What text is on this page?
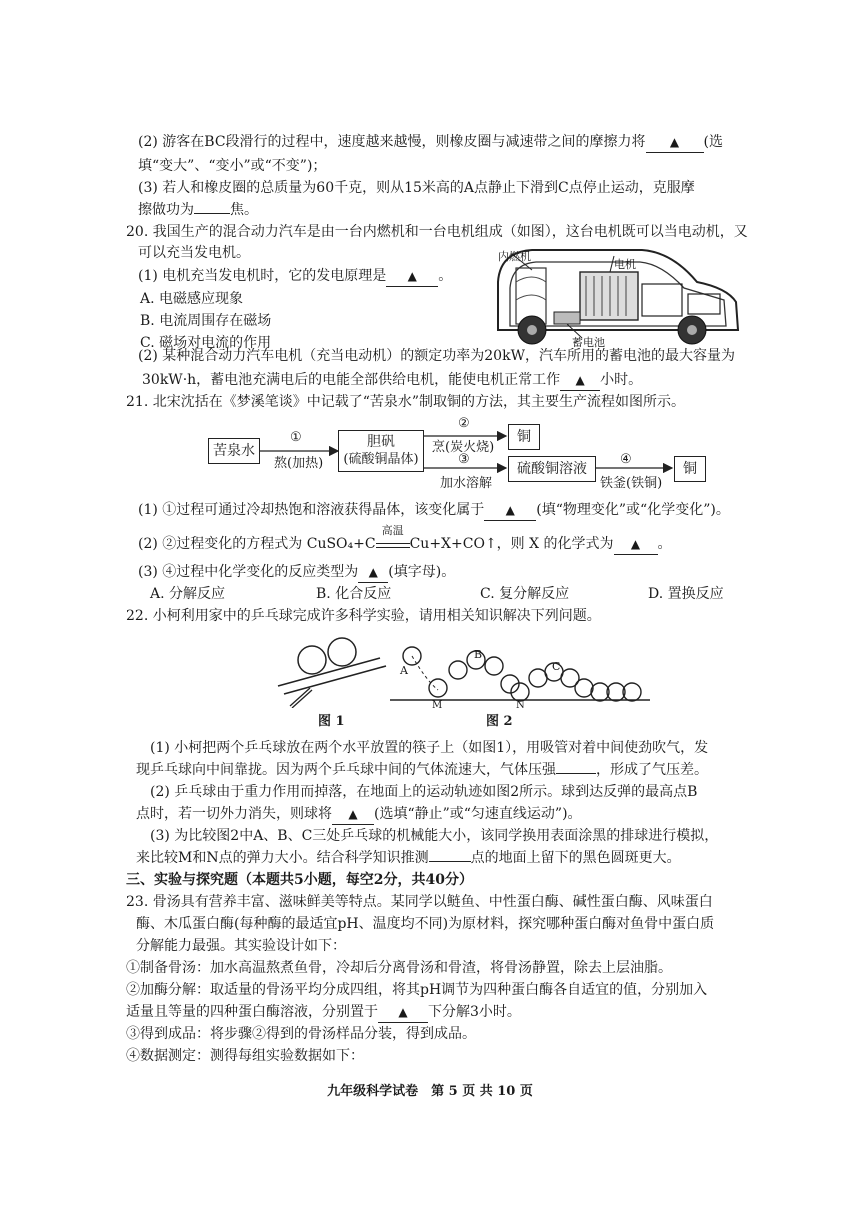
(2) 游客在BC段滑行的过程中，速度越来越慢，则橡皮圈与减速带之间的摩擦力将 ▲ (选
填“变大”、“变小”或“不变”)；
(3) 若人和橡皮圈的总质量为60千克，则从15米高的A点静止下滑到C点停止运动，克服摩
擦做功为	焦。
20. 我国生产的混合动力汽车是由一台内燃机和一台电机组成（如图），这台电机既可以当电动机，又
可以充当发电机。
(1) 电机充当发电机时，它的发电原理是 ▲ 。
A. 电磁感应现象
B. 电流周围存在磁场
C. 磁场对电流的作用
内燃机
电机
蓄电池
(2) 某种混合动力汽车电机（充当电动机）的额定功率为20kW，汽车所用的蓄电池的最大容量为
30kW·h，蓄电池充满电后的电能全部供给电机，能使电机正常工作 ▲ 小时。
21. 北宋沈括在《梦溪笔谈》中记载了“苦泉水”制取铜的方法，其主要生产流程如图所示。
苦泉水
①
熬(加热)
胆矾
(硫酸铜晶体)
②
烹(炭火烧)
铜
③
加水溶解
硫酸铜溶液
④
铁釜(铁铜)
铜
(1) ①过程可通过冷却热饱和溶液获得晶体，该变化属于 ▲ (填“物理变化”或“化学变化”)。
(2) ②过程变化的方程式为 CuSO₄+C
高温
Cu+X+CO↑，则 X 的化学式为 ▲ 。
(3) ④过程中化学变化的反应类型为 ▲ (填字母)。
A. 分解反应	B. 化合反应	C. 复分解反应	D. 置换反应
22. 小柯利用家中的乒乓球完成许多科学实验，请用相关知识解决下列问题。
A
B
C
M	N
图 1	图 2
(1) 小柯把两个乒乓球放在两个水平放置的筷子上（如图1），用吸管对着中间使劲吹气，发
现乒乓球向中间靠拢。因为两个乒乓球中间的气体流速大，气体压强	，形成了气压差。
(2) 乒乓球由于重力作用而掉落，在地面上的运动轨迹如图2所示。球到达反弹的最高点B
点时，若一切外力消失，则球将 ▲ (选填“静止”或“匀速直线运动”)。
(3) 为比较图2中A、B、C三处乒乓球的机械能大小，该同学换用表面涂黑的排球进行模拟，
来比较M和N点的弹力大小。结合科学知识推测	点的地面上留下的黑色圆斑更大。
三、实验与探究题（本题共5小题，每空2分，共40分）
23. 骨汤具有营养丰富、滋味鲜美等特点。某同学以鲢鱼、中性蛋白酶、碱性蛋白酶、风味蛋白
酶、木瓜蛋白酶(每种酶的最适宜pH、温度均不同)为原材料，探究哪种蛋白酶对鱼骨中蛋白质
分解能力最强。其实验设计如下：
①制备骨汤：加水高温熬煮鱼骨，冷却后分离骨汤和骨渣，将骨汤静置，除去上层油脂。
②加酶分解：取适量的骨汤平均分成四组，将其pH调节为四种蛋白酶各自适宜的值，分别加入
适量且等量的四种蛋白酶溶液，分别置于 ▲ 下分解3小时。
③得到成品：将步骤②得到的骨汤样品分装，得到成品。
④数据测定：测得每组实验数据如下：
九年级科学试卷　第 5 页 共 10 页
